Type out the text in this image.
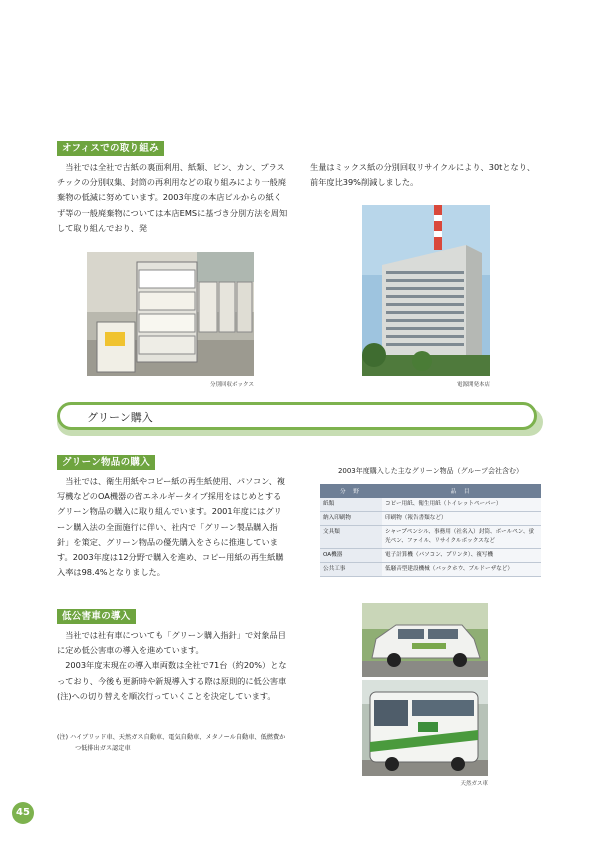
オフィスでの取り組み

当社では全社で古紙の裏面利用、紙類、ビン、カン、プラスチックの分別収集、封筒の再利用などの取り組みにより一般廃棄物の低減に努めています。2003年度の本店ビルからの紙くず等の一般廃棄物については本店EMSに基づき分別方法を周知して取り組んでおり、発

生量はミックス紙の分別回収リサイクルにより、30tとなり、前年度比39%削減しました。

分別回収ボックス	電源開発本店
グリーン購入
グリーン物品の購入

当社では、衛生用紙やコピー紙の再生紙使用、パソコン、複写機などのOA機器の省エネルギータイプ採用をはじめとするグリーン物品の購入に取り組んでいます。2001年度にはグリーン購入法の全面施行に伴い、社内で「グリーン製品購入指針」を策定、グリーン物品の優先購入をさらに推進しています。2003年度は12分野で購入を進め、コピー用紙の再生紙購入率は98.4%となりました。

2003年度購入した主なグリーン物品（グループ会社含む）
分 野	品 目
紙類	コピー用紙、衛生用紙（トイレットペーパー）
納入印刷物	印刷物（報告書類など）
文具類	シャープペンシル、事務用（社名入）封筒、ボールペン、蛍光ペン、ファイル、リサイクルボックスなど
OA機器	電子計算機（パソコン、プリンタ）、複写機
公共工事	低騒音型建設機械（バックホウ、ブルドーザなど）
低公害車の導入

当社では社有車についても「グリーン購入指針」で対象品目に定め低公害車の導入を進めています。

2003年度末現在の導入車両数は全社で71台（約20%）となっており、今後も更新時や新規導入する際は原則的に低公害車(注)への切り替えを順次行っていくことを決定しています。

(注) ハイブリッド車、天然ガス自動車、電気自動車、メタノール自動車、低燃費かつ低排出ガス認定車
天然ガス車
45
